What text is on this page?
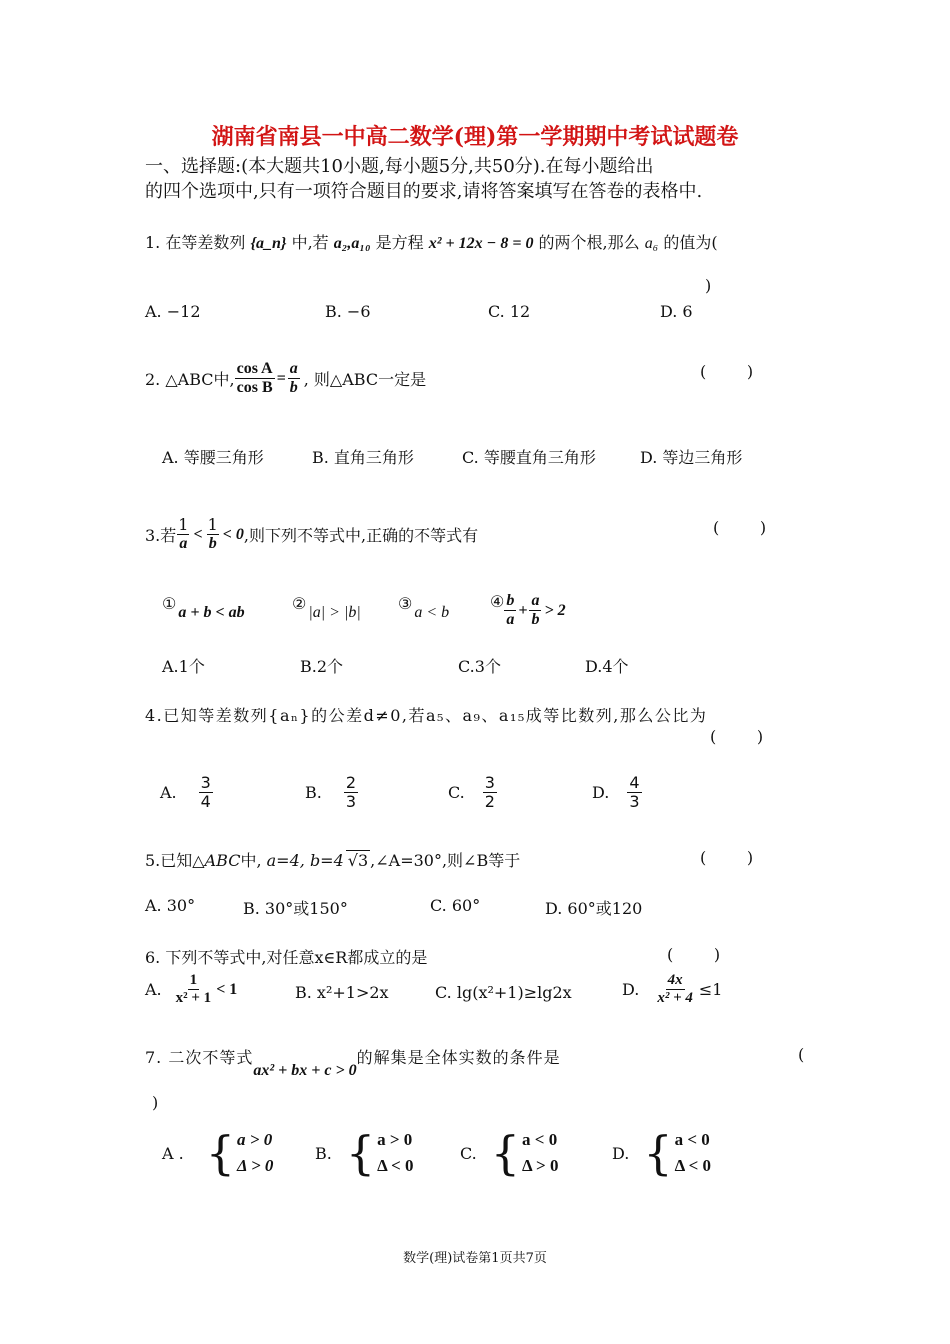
湖南省南县一中高二数学(理)第一学期期中考试试题卷
一、选择题:(本大题共10小题,每小题5分,共50分).在每小题给出
的四个选项中,只有一项符合题目的要求,请将答案填写在答卷的表格中.
1. 在等差数列 {a_n} 中,若 a₂,a₁₀ 是方程 x² + 12x − 8 = 0 的两个根,那么 a₆ 的值为(
)
A. −12	B. −6	C. 12	D. 6
2. △ABC中, $\frac{\text{cos A}}{\text{cos B}} = \frac{a}{b}$ , 则△ABC一定是	(        )
A. 等腰三角形	B. 直角三角形	C. 等腰直角三角形	D. 等边三角形
3.若 $\frac{1}{a} < \frac{1}{b} < 0$ ,则下列不等式中,正确的不等式有	(        )
① a + b < ab	② |a| > |b| ③ a < b
④ $\frac{b}{a} + \frac{a}{b} > 2$
A.1个	B.2个	C.3个	D.4个
4.已知等差数列{aₙ}的公差d≠0,若a₅、a₉、a₁₅成等比数列,那么公比为
(        )
A. $\frac{3}{4}$	B. $\frac{2}{3}$	C. $\frac{3}{2}$	D. $\frac{4}{3}$
5.已知△ABC中, a=4, b=4 √3 ,∠A=30°,则∠B等于	(        )
A. 30°	B. 30°或150°	C. 60°	D. 60°或120
6. 下列不等式中,对任意x∈R都成立的是	(        )
A. $\frac{1}{\text{x² + 1}} < 1$	B. x²+1>2x	C. lg(x²+1)≥lg2x	D. $\frac{4x}{\text{x² + 4}} \le 1$
7. 二次不等式ax² + bx + c > 0的解集是全体实数的条件是	(
)
A . { a > 0
Δ > 0
B. { a > 0
Δ < 0
C. { a < 0
Δ > 0
D. { a < 0
Δ < 0
数学(理)试卷第1页共7页
